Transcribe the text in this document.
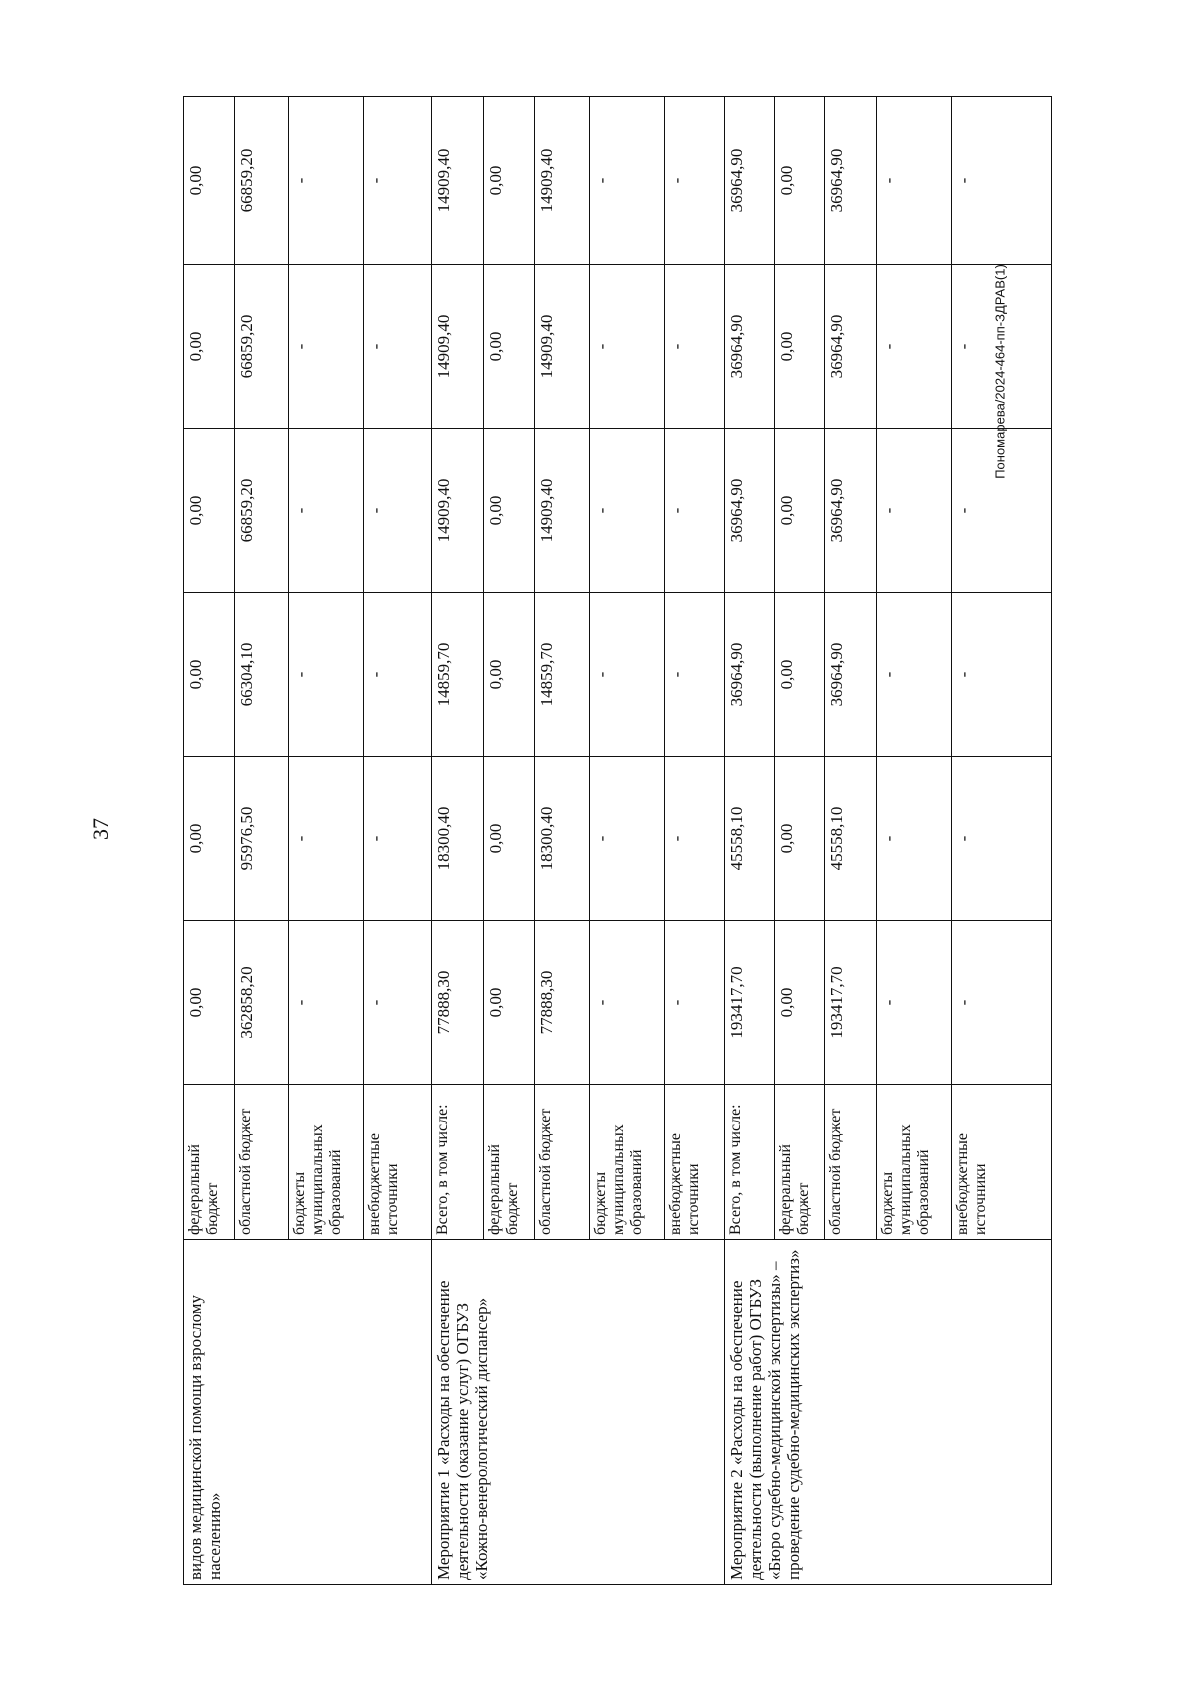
37
Пономарева/2024-464-пп-ЗДРАВ(1)
видов медицинской помощи взрослому населению»	федеральный бюджет	0,00	0,00	0,00	0,00	0,00	0,00
	областной бюджет	362858,20	95976,50	66304,10	66859,20	66859,20	66859,20
	бюджеты муниципальных образований	-	-	-	-	-	-
	внебюджетные источники	-	-	-	-	-	-
Мероприятие 1 «Расходы на обеспечение деятельности (оказание услуг) ОГБУЗ «Кожно-венерологический диспансер»	Всего, в том числе:	77888,30	18300,40	14859,70	14909,40	14909,40	14909,40
	федеральный бюджет	0,00	0,00	0,00	0,00	0,00	0,00
	областной бюджет	77888,30	18300,40	14859,70	14909,40	14909,40	14909,40
	бюджеты муниципальных образований	-	-	-	-	-	-
	внебюджетные источники	-	-	-	-	-	-
Мероприятие 2 «Расходы на обеспечение деятельности (выполнение работ) ОГБУЗ «Бюро судебно-медицинской экспертизы» – проведение судебно-медицинских экспертиз»	Всего, в том числе:	193417,70	45558,10	36964,90	36964,90	36964,90	36964,90
	федеральный бюджет	0,00	0,00	0,00	0,00	0,00	0,00
	областной бюджет	193417,70	45558,10	36964,90	36964,90	36964,90	36964,90
	бюджеты муниципальных образований	-	-	-	-	-	-
	внебюджетные источники	-	-	-	-	-	-
